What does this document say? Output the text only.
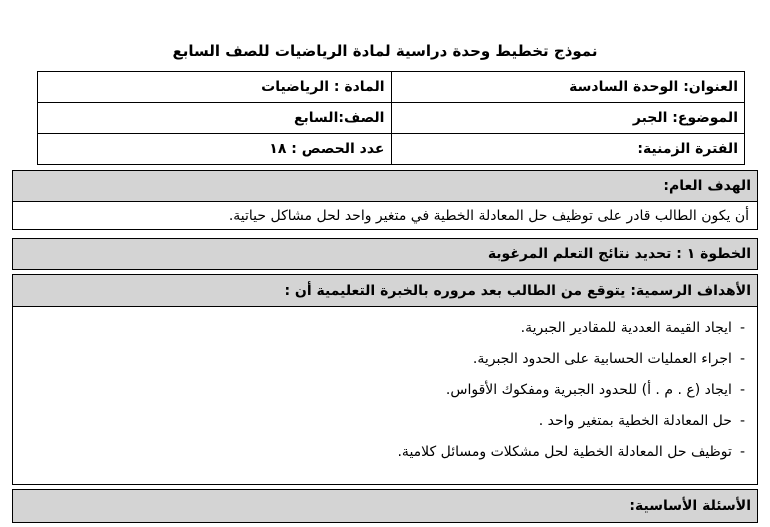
نموذج تخطيط وحدة دراسية لمادة الرياضيات للصف السابع
العنوان: الوحدة السادسة	المادة : الرياضيات
الموضوع: الجبر	الصف:السابع
الفترة الزمنية:	عدد الحصص : ١٨
الهدف العام:
أن يكون الطالب قادر على توظيف حل المعادلة الخطية في متغير واحد لحل مشاكل حياتية.
الخطوة ١ : تحديد نتائج التعلم المرغوبة
الأهداف الرسمية: يتوقع من الطالب بعد مروره بالخبرة التعليمية أن :
- ايجاد القيمة العددية للمقادير الجبرية.
- اجراء العمليات الحسابية على الحدود الجبرية.
- ايجاد (ع . م . أ) للحدود الجبرية ومفكوك الأقواس.
- حل المعادلة الخطية بمتغير واحد .
- توظيف حل المعادلة الخطية لحل مشكلات ومسائل كلامية.
الأسئلة الأساسية:
